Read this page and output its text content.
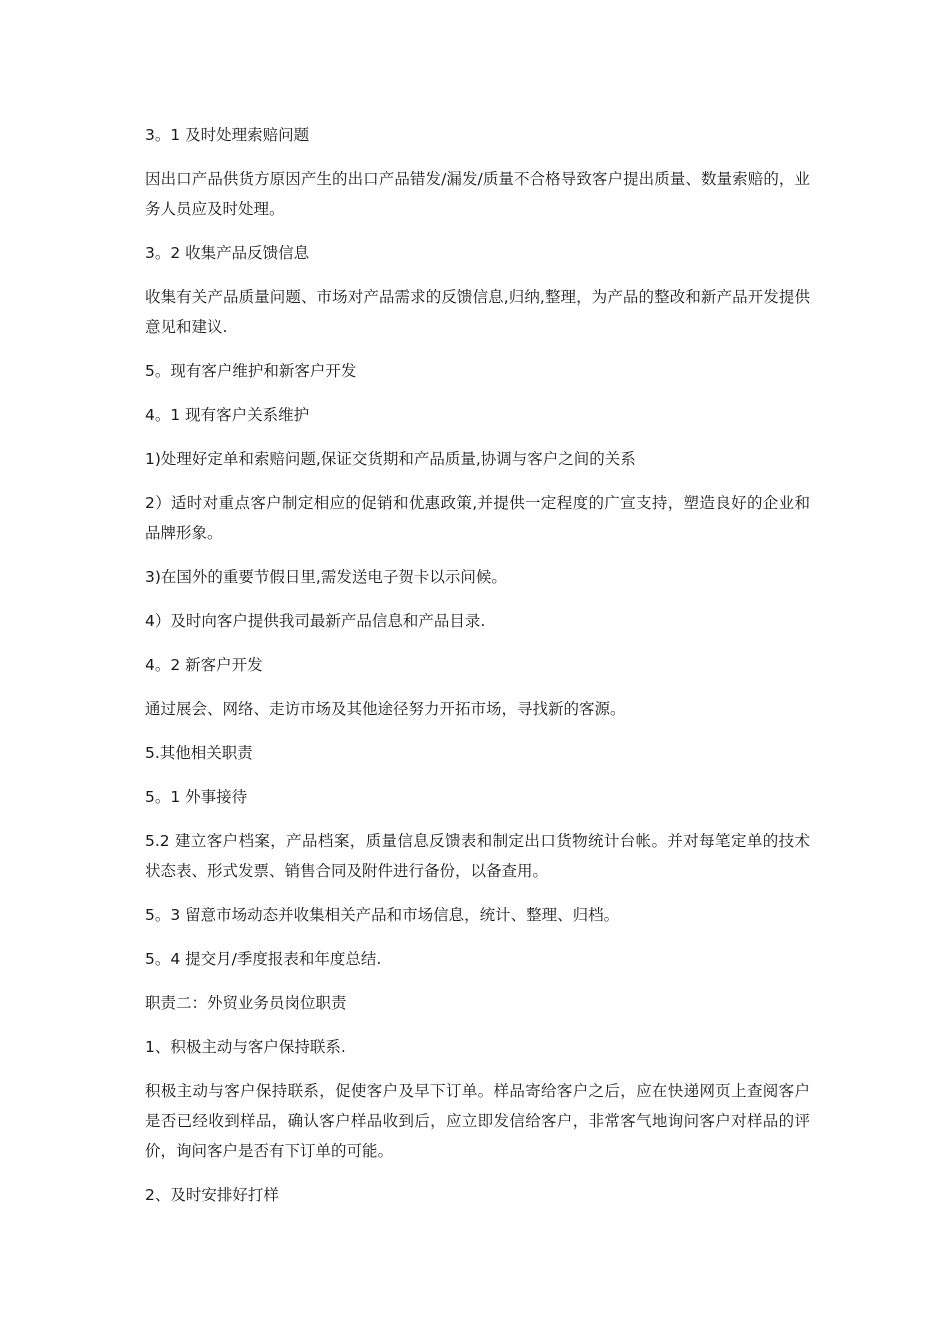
3。1 及时处理索赔问题

因出口产品供货方原因产生的出口产品错发/漏发/质量不合格导致客户提出质量、数量索赔的，业务人员应及时处理。

3。2 收集产品反馈信息

收集有关产品质量问题、市场对产品需求的反馈信息,归纳,整理，为产品的整改和新产品开发提供意见和建议.

5。现有客户维护和新客户开发

4。1 现有客户关系维护

1)处理好定单和索赔问题,保证交货期和产品质量,协调与客户之间的关系

2）适时对重点客户制定相应的促销和优惠政策,并提供一定程度的广宣支持，塑造良好的企业和品牌形象。

3)在国外的重要节假日里,需发送电子贺卡以示问候。

4）及时向客户提供我司最新产品信息和产品目录.

4。2 新客户开发

通过展会、网络、走访市场及其他途径努力开拓市场，寻找新的客源。

5.其他相关职责

5。1 外事接待

5.2 建立客户档案，产品档案，质量信息反馈表和制定出口货物统计台帐。并对每笔定单的技术状态表、形式发票、销售合同及附件进行备份，以备查用。

5。3 留意市场动态并收集相关产品和市场信息，统计、整理、归档。

5。4 提交月/季度报表和年度总结.

职责二：外贸业务员岗位职责

1、积极主动与客户保持联系.

积极主动与客户保持联系，促使客户及早下订单。样品寄给客户之后，应在快递网页上查阅客户是否已经收到样品，确认客户样品收到后，应立即发信给客户，非常客气地询问客户对样品的评价，询问客户是否有下订单的可能。

2、及时安排好打样
